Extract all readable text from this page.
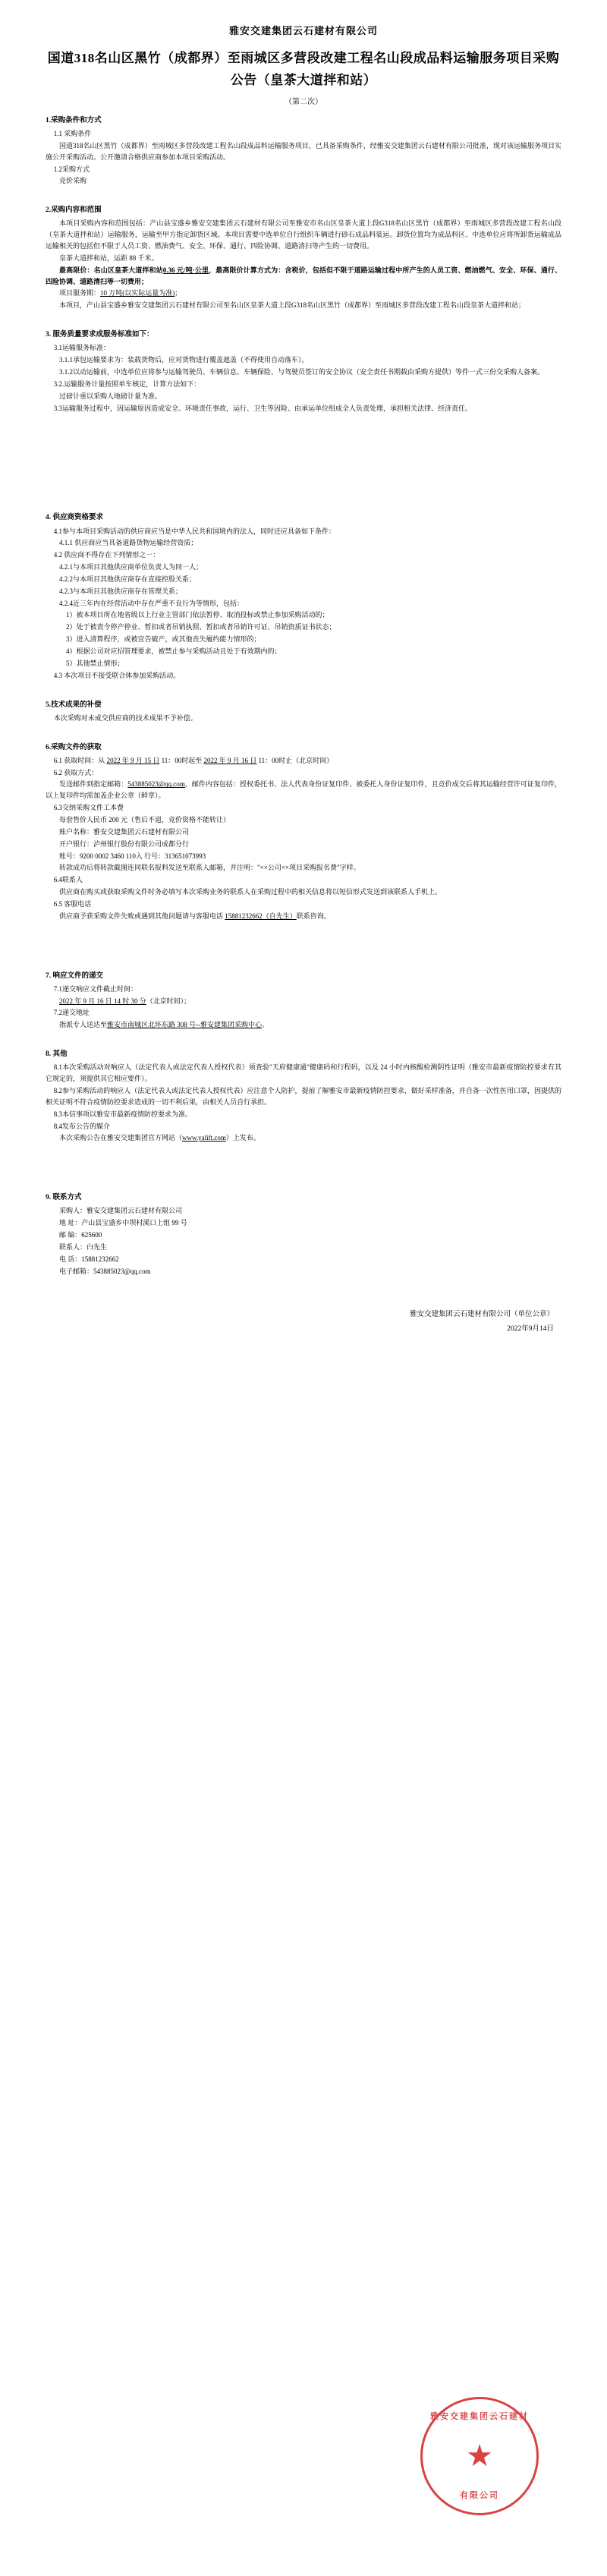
雅安交建集团云石建材有限公司
国道318名山区黑竹（成都界）至雨城区多营段改建工程名山段成品料运输服务项目采购公告（皇茶大道拌和站）
（第二次）
1.采购条件和方式

1.1 采购条件

国道318名山区黑竹（成都界）至雨城区多营段改建工程名山段成品料运输服务项目，已具备采购条件，经雅安交建集团云石建材有限公司批准，现对该运输服务项目实施公开采购活动。公开邀请合格供应商参加本项目采购活动。

1.2采购方式

竞价采购

2.采购内容和范围

本项目采购内容和范围包括：产山县宝盛乡雅安交建集团云石建材有限公司至雅安市名山区皇茶大道上段G318名山区黑竹（成都界）至雨城区多营段改建工程名山段（皇茶大道拌和站）运输服务，运输至甲方指定卸货区域。本项目需要中选单位自行组织车辆进行砂石成品料装运。卸货位置均为成品料区、中选单位应将所卸货运输成品运输相关的包括但不限于人员工资、燃油费气、安全、环保、通行、四险协调、道路清扫等产生的一切费用。

皇茶大道拌和站，运距 88 千米。

最高限价：名山区皇茶大道拌和站0.36 元/吨·公里，最高限价计算方式为：含税价，包括但不限于道路运输过程中所产生的人员工资、燃油燃气、安全、环保、通行、四险协调、道路清扫等一切费用；

项目服务期：10 万吨(以实际运量为准)；

本项目，产山县宝盛乡雅安交建集团云石建材有限公司至名山区皇茶大道上段G318名山区黑竹（成都界）至雨城区多营段改建工程名山段皇茶大道拌和站；

3. 服务质量要求成服务标准如下：

3.1运输服务标准：

3.1.1承包运输要求为：装载货物后，应对货物进行覆盖遮盖（不得使用自动落车）。

3.1.2以动运输前，中选单位应将参与运输驾驶员、车辆信息、车辆保险、与驾驶员签订的安全协议（安全责任书期载由采购方提供）等件一式三份交采购人备案。

3.2.运输服务计量按照单车核定，计算方法如下：

过磅计重以采购人地磅计量为准。

3.3运输服务过程中，因运输原因造成安全、环境责任事故，运行、卫生等因险、由承运单位组成全人负责处理，承担相关法律、经济责任。

4. 供应商资格要求

4.1参与本项目采购活动的供应商应当是中华人民共和国境内的法人，同时还应具备如下条件：

4.1.1 供应商应当具备道路货物运输经营资质；

4.2 供应商不得存在下列情形之一：

4.2.1与本项目其他供应商单位负责人为同一人；

4.2.2与本项目其他供应商存在直接控股关系；

4.2.3与本项目其他供应商存在管理关系；

4.2.4近三年内在经营活动中存在严重不良行为等情形，包括：

1）被本项目所在地省级以上行业主管部门依法暂停、取消投标或禁止参加采购活动的；

2）处于被责令停产停业、暂扣或者吊销执照、暂扣或者吊销许可证、吊销资质证书状态；

3）进入清算程序，或被宣告破产，或其他丧失履约能力情形的；

4）根据公司对应招管理要求，被禁止参与采购活动且处于有效期内的；

5）其他禁止情形；

4.3 本次项目不接受联合体参加采购活动。

5.技术成果的补偿

本次采购对未成交供应商的技术成果不予补偿。

6.采购文件的获取

6.1 获取时间：从 2022 年 9 月 15 日 11：00时起至 2022 年 9 月 16 日 11：00时止（北京时间）

6.2 获取方式：

发送邮件到指定邮箱：543885023@qq.com，邮件内容包括：授权委托书、法人代表身份证复印件、被委托人身份证复印件，且竞价成交后将其运输经营许可证复印件，以上复印件均需加盖企业公章（鲜章）。

6.3交纳采购文件工本费

每套售价人民币 200 元（售后不退，竞价资格不能转让）

账户名称：雅安交建集团云石建材有限公司

开户银行：泸州银行股份有限公司成都分行

账号：9200 0002 3460 110入 行号：313651073993

转款成功后将转款截图连同联名报料发送至联系人邮箱，并注明："××公司××项目采购报名费"字样。

6.4联系人

供应商在购买或获取采购文件时务必填写本次采购业务的联系人在采购过程中的相关信息将以短信形式发送到该联系人手机上。

6.5 客服电话

供应商予获采购文件失败或遇到其他问题请与客服电话 15881232662（自先生）联系咨询。

7. 响应文件的递交

7.1递交响应文件截止时间：

2022 年 9 月 16 日 14 时 30 分（北京时间）；

7.2递交地址

指派专人送达至雅安市南城区北环东路 308 号--雅安建集团采购中心。

8. 其他

8.1本次采购活动对响应人（法定代表人或法定代表人授权代表）须查验"天府健康通"健康码和行程码，以及 24 小时内核酸检测阴性证明（雅安市最新疫情防控要求有其它规定的，须提供其它相应要件）。

8.2参与采购活动的响应人（法定代表人或法定代表人授权代表）应注意个人防护，提前了解雅安市最新疫情防控要求，做好采样准备，并自备一次性医用口罩，因提供的相关证明不符合疫情防控要求造成的一切不利后果，由相关人员自行承担。

8.3本信事项以雅安市最新疫情防控要求为准。

8.4发布公告的媒介

本次采购公告在雅安交建集团官方网站（www.yalift.com）上发布。

9. 联系方式

采购人：雅安交建集团云石建材有限公司

地 址：产山县宝盛乡中坝村溪口上组 99 号

邮 编：625600

联系人：白先生

电 话：15881232662

电子邮箱：543885023@qq.com

雅安交建集团云石建材有限公司（单位公章）
2022年9月14日
雅安交建集团云石建材
★
有限公司
